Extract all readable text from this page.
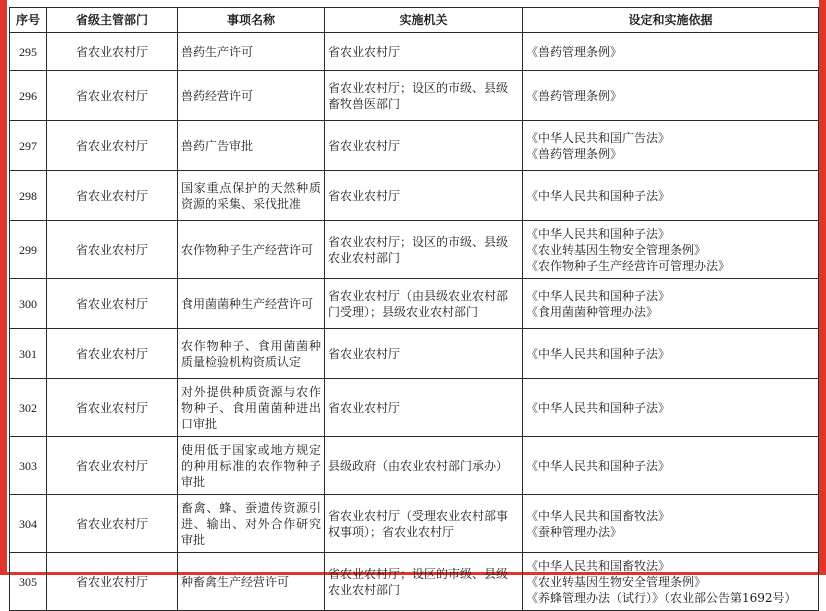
序号	省级主管部门	事项名称	实施机关	设定和实施依据
295	省农业农村厅	兽药生产许可	省农业农村厅	《兽药管理条例》

296	省农业农村厅	兽药经营许可	省农业农村厅；设区的市级、县级畜牧兽医部门	《兽药管理条例》

297	省农业农村厅	兽药广告审批	省农业农村厅	《中华人民共和国广告法》
《兽药管理条例》

298	省农业农村厅	国家重点保护的天然种质资源的采集、采伐批准	省农业农村厅	《中华人民共和国种子法》

299	省农业农村厅	农作物种子生产经营许可	省农业农村厅；设区的市级、县级农业农村部门	《中华人民共和国种子法》
《农业转基因生物安全管理条例》
《农作物种子生产经营许可管理办法》

300	省农业农村厅	食用菌菌种生产经营许可	省农业农村厅（由县级农业农村部门受理）；县级农业农村部门	《中华人民共和国种子法》
《食用菌菌种管理办法》

301	省农业农村厅	农作物种子、食用菌菌种质量检验机构资质认定	省农业农村厅	《中华人民共和国种子法》

302	省农业农村厅	对外提供种质资源与农作物种子、食用菌菌种进出口审批	省农业农村厅	《中华人民共和国种子法》

303	省农业农村厅	使用低于国家或地方规定的种用标准的农作物种子审批	县级政府（由农业农村部门承办）	《中华人民共和国种子法》

304	省农业农村厅	畜禽、蜂、蚕遗传资源引进、输出、对外合作研究审批	省农业农村厅（受理农业农村部事权事项）；省农业农村厅	《中华人民共和国畜牧法》
《蚕种管理办法》

305	省农业农村厅	种畜禽生产经营许可	省农业农村厅；设区的市级、县级农业农村部门	《中华人民共和国畜牧法》
《农业转基因生物安全管理条例》
《养蜂管理办法（试行）》（农业部公告第1692号）
